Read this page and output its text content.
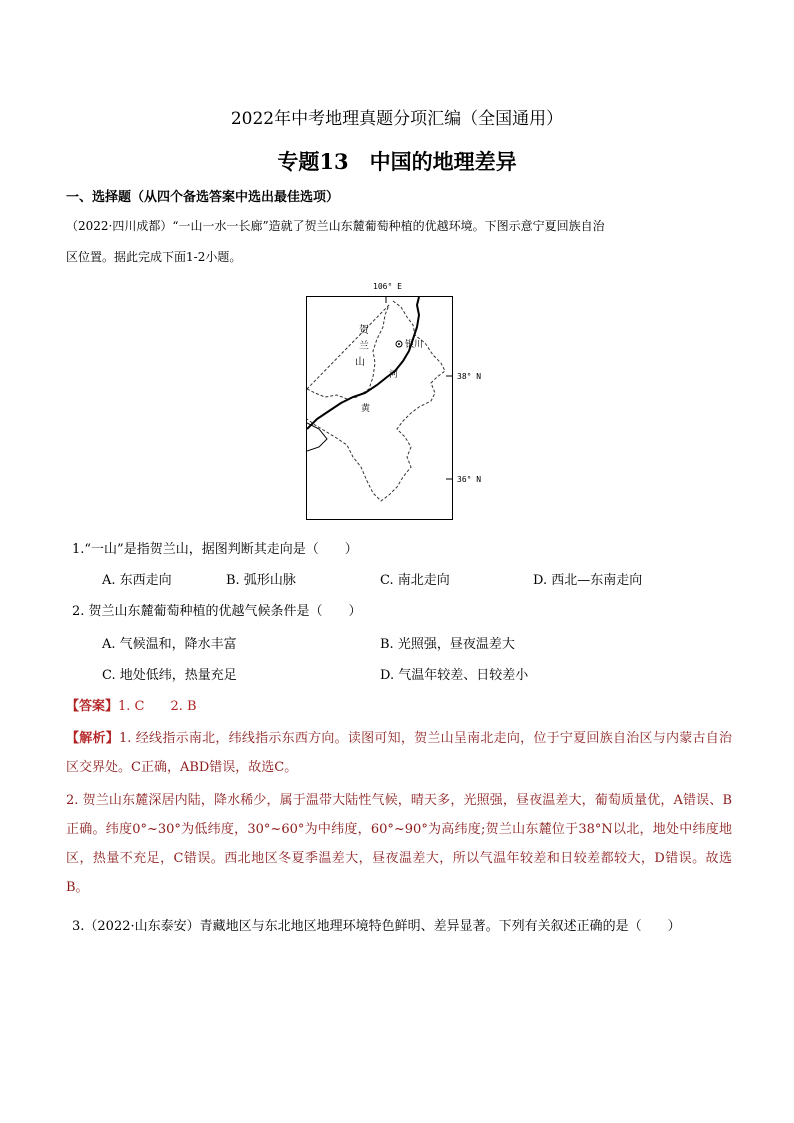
2022年中考地理真题分项汇编（全国通用）
专题13　中国的地理差异
一、选择题（从四个备选答案中选出最佳选项）
（2022·四川成都）“一山一水一长廊”造就了贺兰山东麓葡萄种植的优越环境。下图示意宁夏回族自治
区位置。据此完成下面1-2小题。
106° E
贺
兰
山
银川
河
黄
38° N
36° N
1.“一山”是指贺兰山，据图判断其走向是（　　）
A. 东西走向	B. 弧形山脉	C. 南北走向	D. 西北—东南走向
2. 贺兰山东麓葡萄种植的优越气候条件是（　　）
A. 气候温和，降水丰富	B. 光照强，昼夜温差大
C. 地处低纬，热量充足	D. 气温年较差、日较差小
【答案】1. C　　2. B
【解析】1. 经线指示南北，纬线指示东西方向。读图可知，贺兰山呈南北走向，位于宁夏回族自治区与内蒙古自治区交界处。C正确，ABD错误，故选C。
2. 贺兰山东麓深居内陆，降水稀少，属于温带大陆性气候，晴天多，光照强，昼夜温差大，葡萄质量优，A错误、B正确。纬度0°~30°为低纬度，30°~60°为中纬度，60°~90°为高纬度;贺兰山东麓位于38°N以北，地处中纬度地区，热量不充足，C错误。西北地区冬夏季温差大，昼夜温差大，所以气温年较差和日较差都较大，D错误。故选B。
3.（2022·山东泰安）青藏地区与东北地区地理环境特色鲜明、差异显著。下列有关叙述正确的是（　　）
